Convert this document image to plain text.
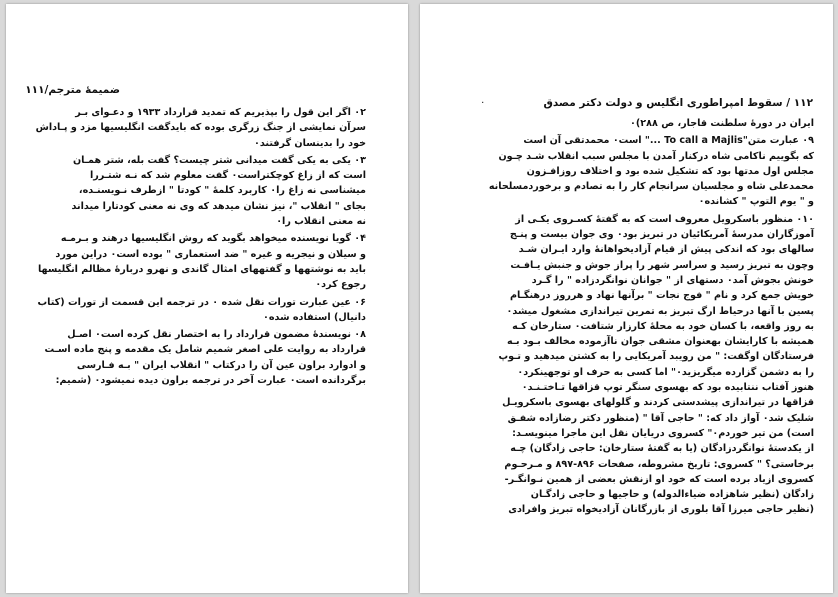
ضمیمهٔ مترجم/۱۱۱
۰۲ اگر این قول را بپذیریم که تمدید قرارداد ۱۹۳۳ و دعـوای بـر
سرآن نمایشی از جنگ زرگری بوده که بایدگفت انگلیسیها مزد و پـاداش
خود را بدینسان گرفتند۰
۰۳ یکی به یکی گفت میدانی شتر چیست؟ گفت بله، شتر همـان
است که از زاغ کوچکتراست۰ گفت معلوم شد که نـه شتـررا
میشناسی نه زاغ را۰ کاربرد کلمهٔ " کودتا " ازطرف نـویسنـده،
بجای " انقلاب "، نیز نشان میدهد که وی نه معنی کودتارا میداند
نه معنی انقلاب را۰
۰۴ گویا نویسنده میخواهد بگوید که روش انگلیسیها درهند و بـرمـه
و سیلان و نیجریه و غیره " ضد استعماری " بوده است۰ دراین مورد
باید به نوشتهها و گفتههای امثال گاندی و نهرو دربارهٔ مظالم انگلیسها
رجوع کرد۰
۰۶ عین عبارت تورات نقل شده ۰ در ترجمه این قسمت از تورات (کتاب
دانیال) استفاده شده۰
۰۸ نویسندهٔ مضمون قرارداد را به اختصار نقل کرده است۰ اصـل
قرارداد به روایت علی اصغر شمیم شامل یک مقدمه و پنج ماده اسـت
و ادوارد براون عین آن را درکتاب " انقلاب ایران " بـه فـارسی
برگردانده است۰ عبارت آخر در ترجمه براون دیده نمیشود۰ (شمیم:
٠	۱۱۲ / سقوط امپراطوری انگلیس و دولت دکتر مصدق
ایران در دورهٔ سلطنت قاجار، ص ۲۸۸)۰
۰۹ عبارت متن"To call a Majlis ..." است۰ محمدتقی آن است
که بگوییم ناکامی شاه درکنار آمدن با مجلس سبب انقلاب شـد چـون
مجلس اول مدتها بود که تشکیل شده بود و اختلاف روزافـزون
محمدعلی شاه و مجلسیان سرانجام کار را به تصادم و برخوردمسلحانه
و " یوم التوپ " کشانده۰
۰۱۰ منظور باسکرویل معروف است که به گفتهٔ کسـروی یکـی از
آموزگاران مدرسهٔ آمریکائیان در تبریز بود۰ وی جوان بیست و پنـج
سالهای بود که اندکی پیش از قیام آزادیخواهانهٔ وارد ایـران شـد
وچون به تبریز رسید و سراسر شهر را پراز جوش و جنبش یـافـت
خونش بجوش آمد۰ دستهای از " جوانان نوانگردزاده " را گـرد
خویش جمع کرد و نام " فوج نجات " برآنها نهاد و هرروز درهنگـام
پسین با آنها درحیاط ارگ تبریز به تمرین تیراندازی مشغول میشد۰
به روز واقعه، با کسان خود به محلهٔ کارزار شتافت۰ ستارخان کـه
همیشه با کارایشان بهعنوان مشقی جوان ناآزموده مخالف بـود بـه
فرستادگان اوگفت: " من رویبد آمریکایی را به کشتن میدهید و تـوپ
را به دشمن گزارده میگریزید۰" اما کسی به حرف او توجهینکرد۰
هنوز آفتاب ننتابیده بود که بهسوی سنگر توپ قزاقها تـاختـنـد۰
قزاقها در تیراندازی پیشدستی کردند و گلولهای بهسوی باسکرویـل
شلیک شد۰ آواز داد که: " حاجی آقا " (منظور دکتر رضازاده شفـق
است) من تیر خوردم۰" کسروی دریایان نقل این ماجرا مینویسـد:
از یکدستهٔ نوانگردزادگان (یا به گفتهٔ ستارخان: حاجی زادگان) چـه
برخاستی؟ " کسروی: تاریخ مشروطه، صفحات ۸۹۶-۸۹۷ و مـرحـوم
کسروی ازیاد برده است که خود او ازنقش بعضی از همین نـوانگـر-
زادگان (نظیر شاهزاده ضیاءالدوله) و حاجیها و حاجی زادگـان
(نظیر حاجی میرزا آقا بلوری از بازرگانان آزادیخواه تبریز وافرادی
